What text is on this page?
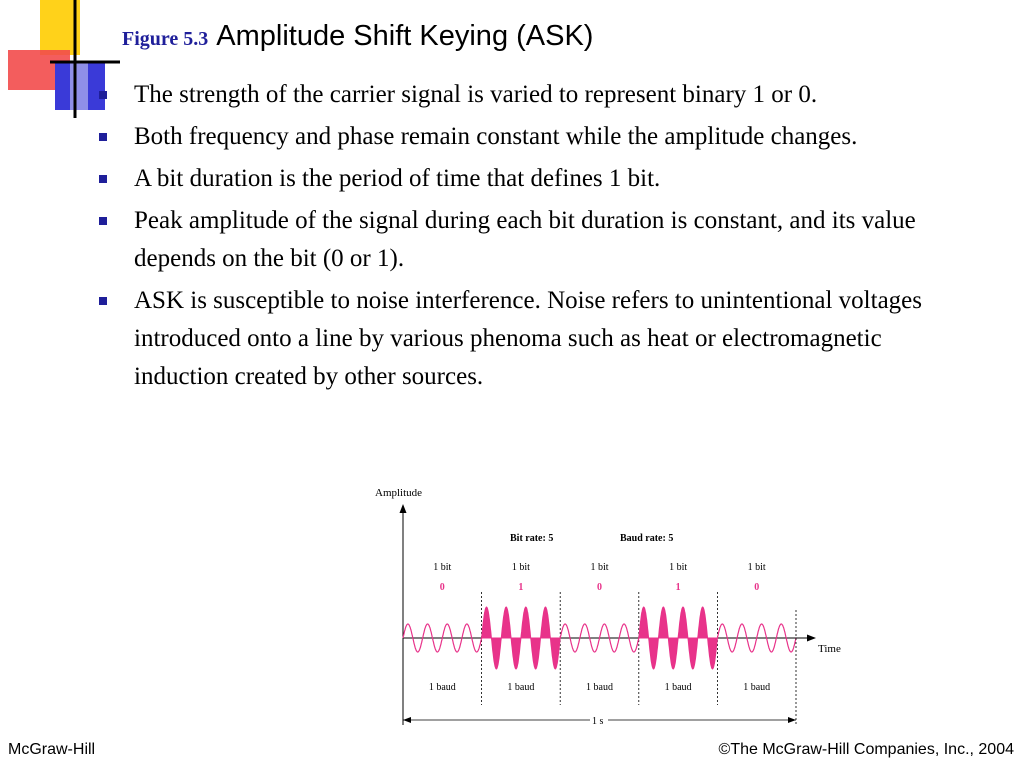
Figure 5.3 Amplitude Shift Keying (ASK)
The strength of the carrier signal is varied to represent binary 1 or 0.
Both frequency and phase remain constant while the amplitude changes.
A bit duration is the period of time that defines 1 bit.
Peak amplitude of the signal during each bit duration is constant, and its value depends on the bit (0 or 1).
ASK is susceptible to noise interference. Noise refers to unintentional voltages introduced onto a line by various phenoma such as heat or electromagnetic induction created by other sources.
Amplitude
Time
Bit rate: 5	Baud rate: 5
1 bit
0
1 bit
1
1 bit
0
1 bit
1
1 bit
0
1 baud	1 baud	1 baud	1 baud	1 baud
1 s
McGraw-Hill	©The McGraw-Hill Companies, Inc., 2004
